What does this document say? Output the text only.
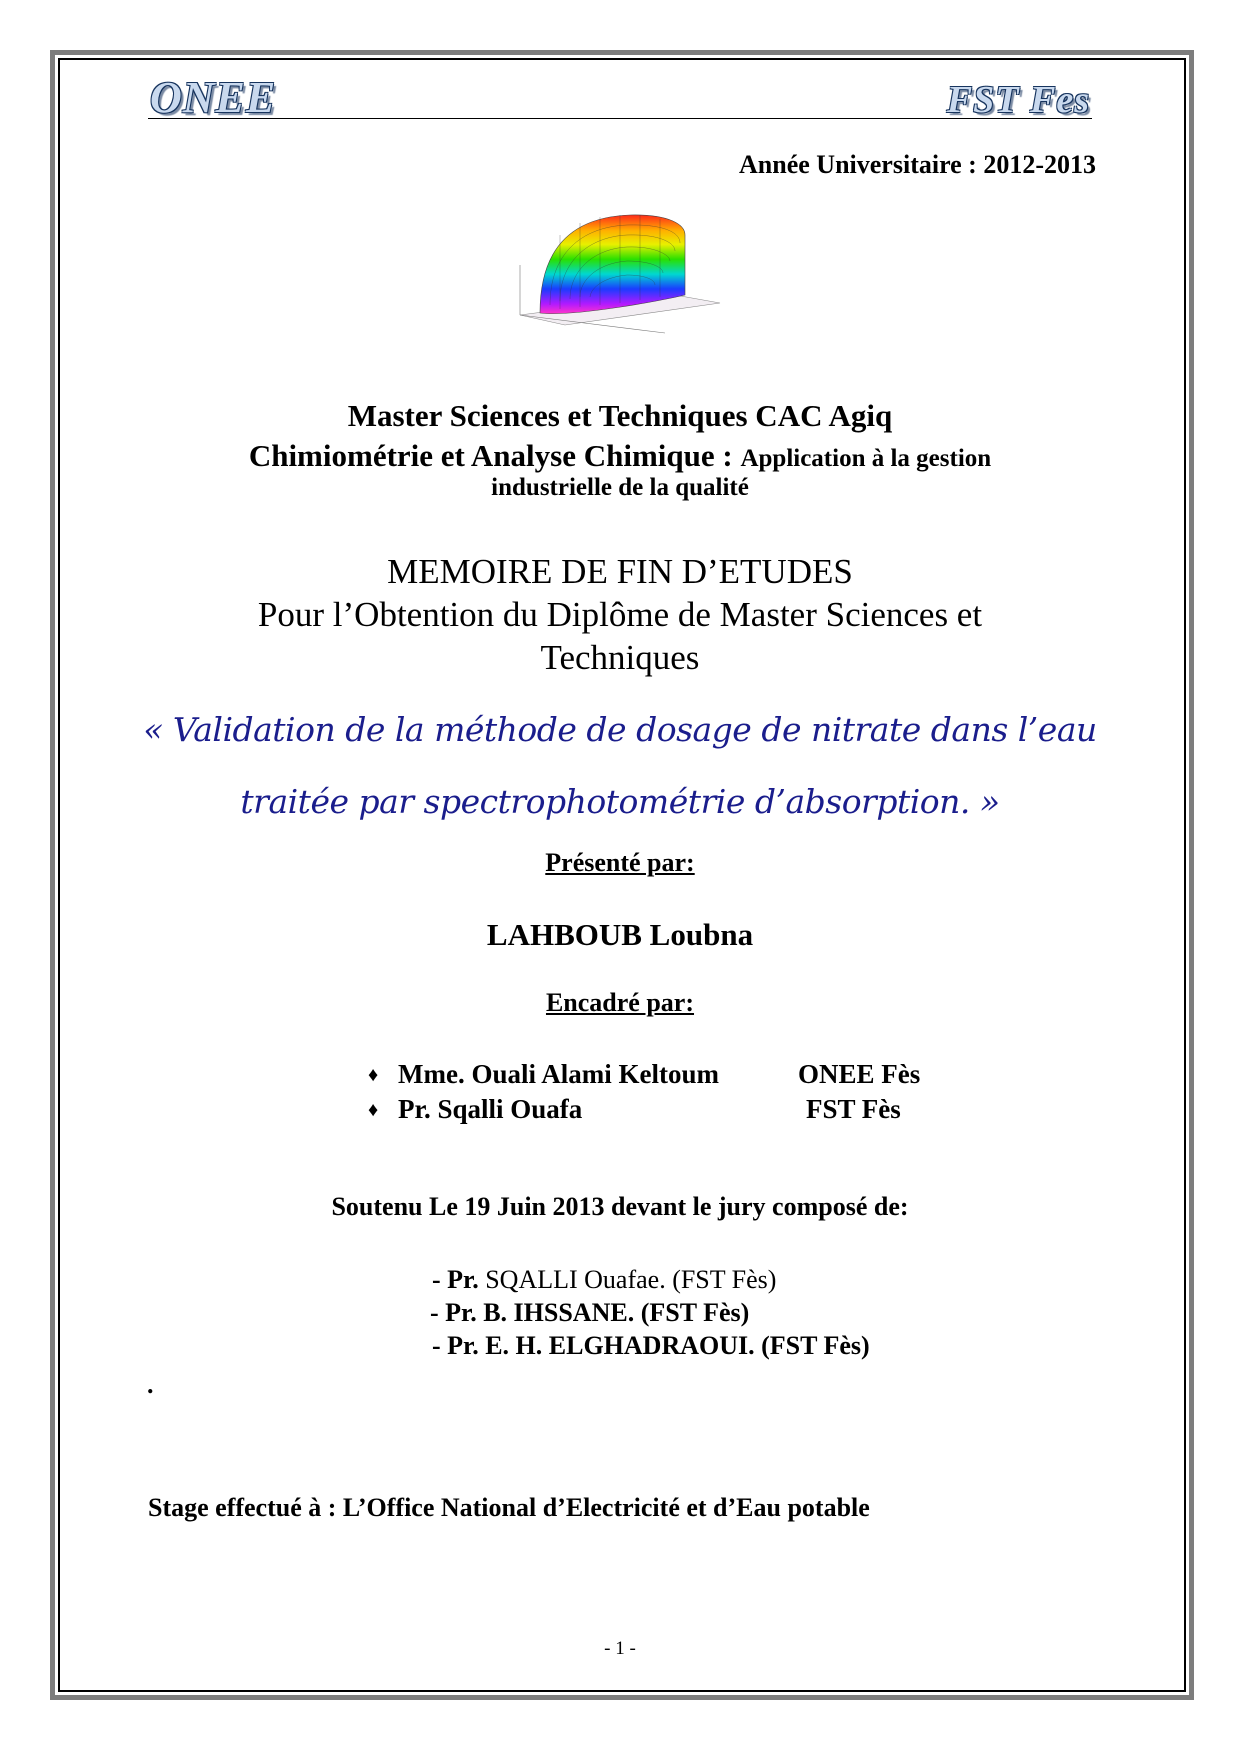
ONEE	FST Fes
Année Universitaire : 2012-2013
Master Sciences et Techniques CAC Agiq
Chimiométrie et Analyse Chimique : Application à la gestion
industrielle de la qualité
MEMOIRE DE FIN D’ETUDES
Pour l’Obtention du Diplôme de Master Sciences et
Techniques
« Validation de la méthode de dosage de nitrate dans l’eau
traitée par spectrophotométrie d’absorption. »
Présenté par:
LAHBOUB Loubna
Encadré par:
♦ Mme. Ouali Alami Keltoum	ONEE Fès
♦ Pr. Sqalli Ouafa	FST Fès
Soutenu Le 19 Juin 2013 devant le jury composé de:
- Pr. SQALLI Ouafae. (FST Fès)
- Pr. B. IHSSANE. (FST Fès)
- Pr. E. H. ELGHADRAOUI. (FST Fès)
.
Stage effectué à : L’Office National d’Electricité et d’Eau potable
- 1 -
